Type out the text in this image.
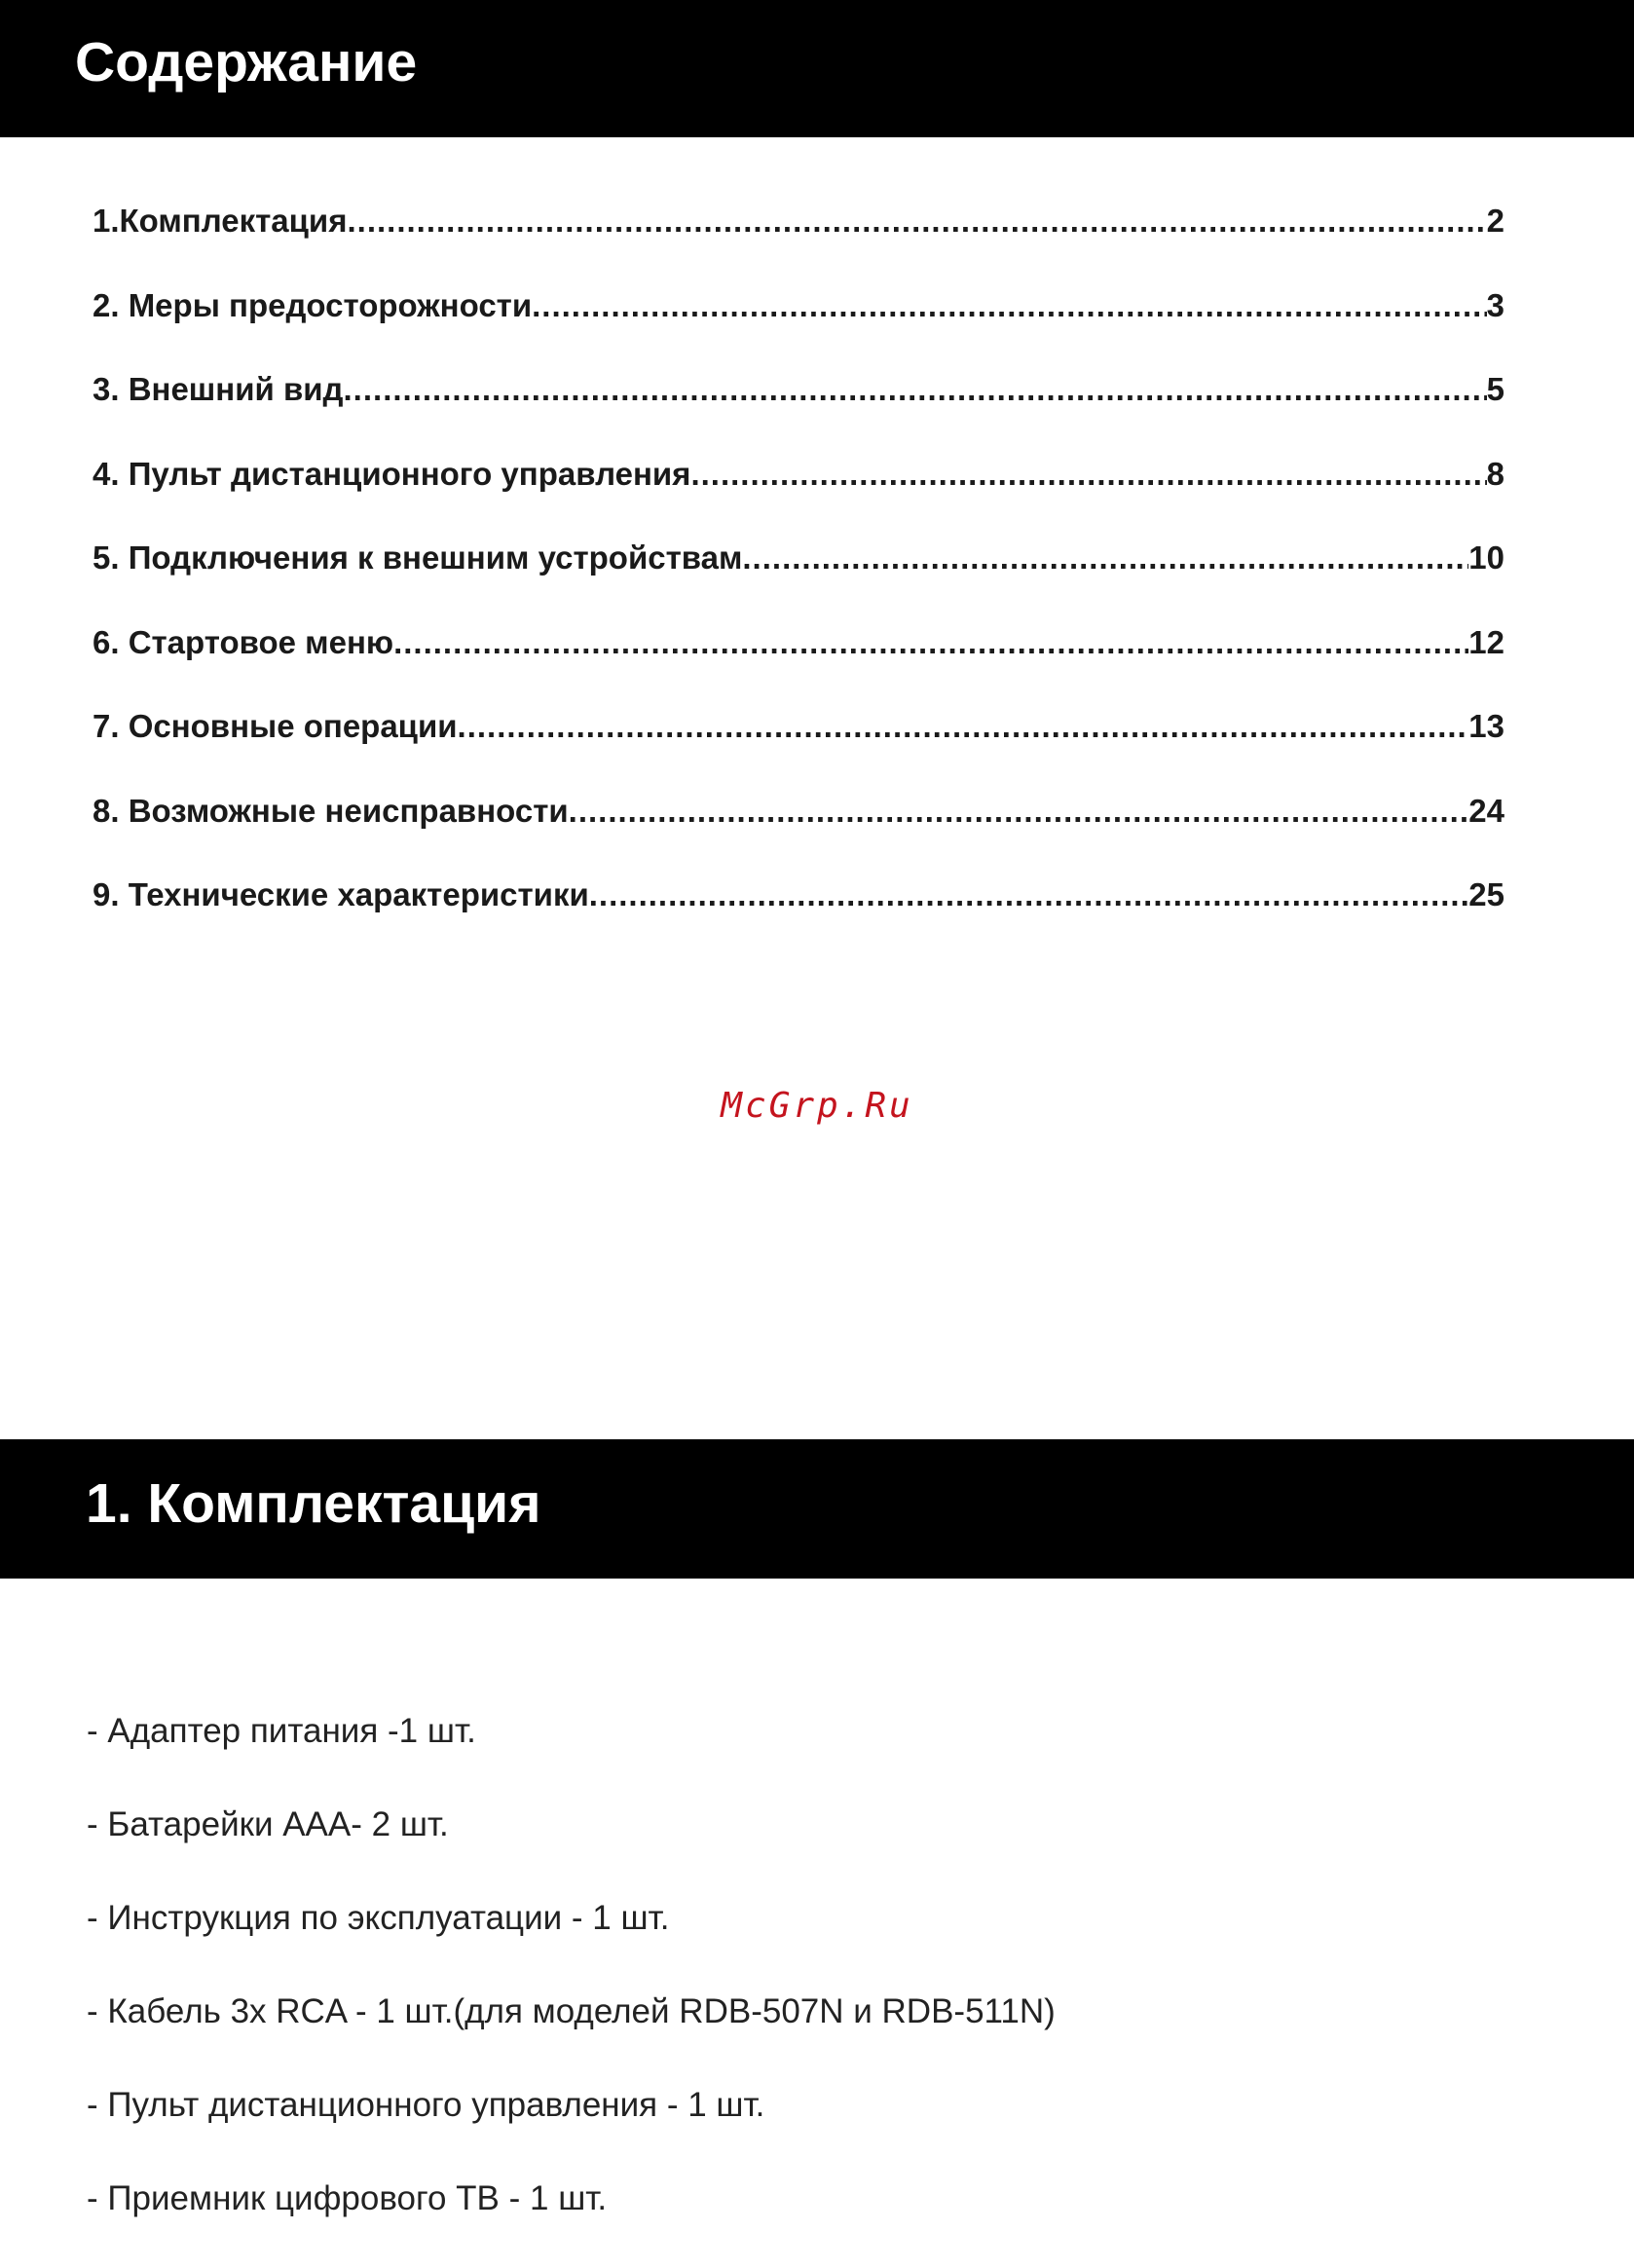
Содержание
1.Комплектация .....	2
2. Меры предосторожности .....	3
3. Внешний вид .....	5
4. Пульт дистанционного управления .....	8
5. Подключения к внешним устройствам .....	10
6. Стартовое меню .....	12
7. Основные операции .....	13
8. Возможные неисправности .....	24
9. Технические характеристики .....	25
McGrp.Ru
1. Комплектация
- Адаптер питания -1 шт.
- Батарейки ААА- 2 шт.
- Инструкция по эксплуатации - 1 шт.
- Кабель 3х RCA - 1 шт.(для моделей RDB-507N и RDB-511N)
- Пульт дистанционного управления - 1 шт.
- Приемник цифрового ТВ - 1 шт.
